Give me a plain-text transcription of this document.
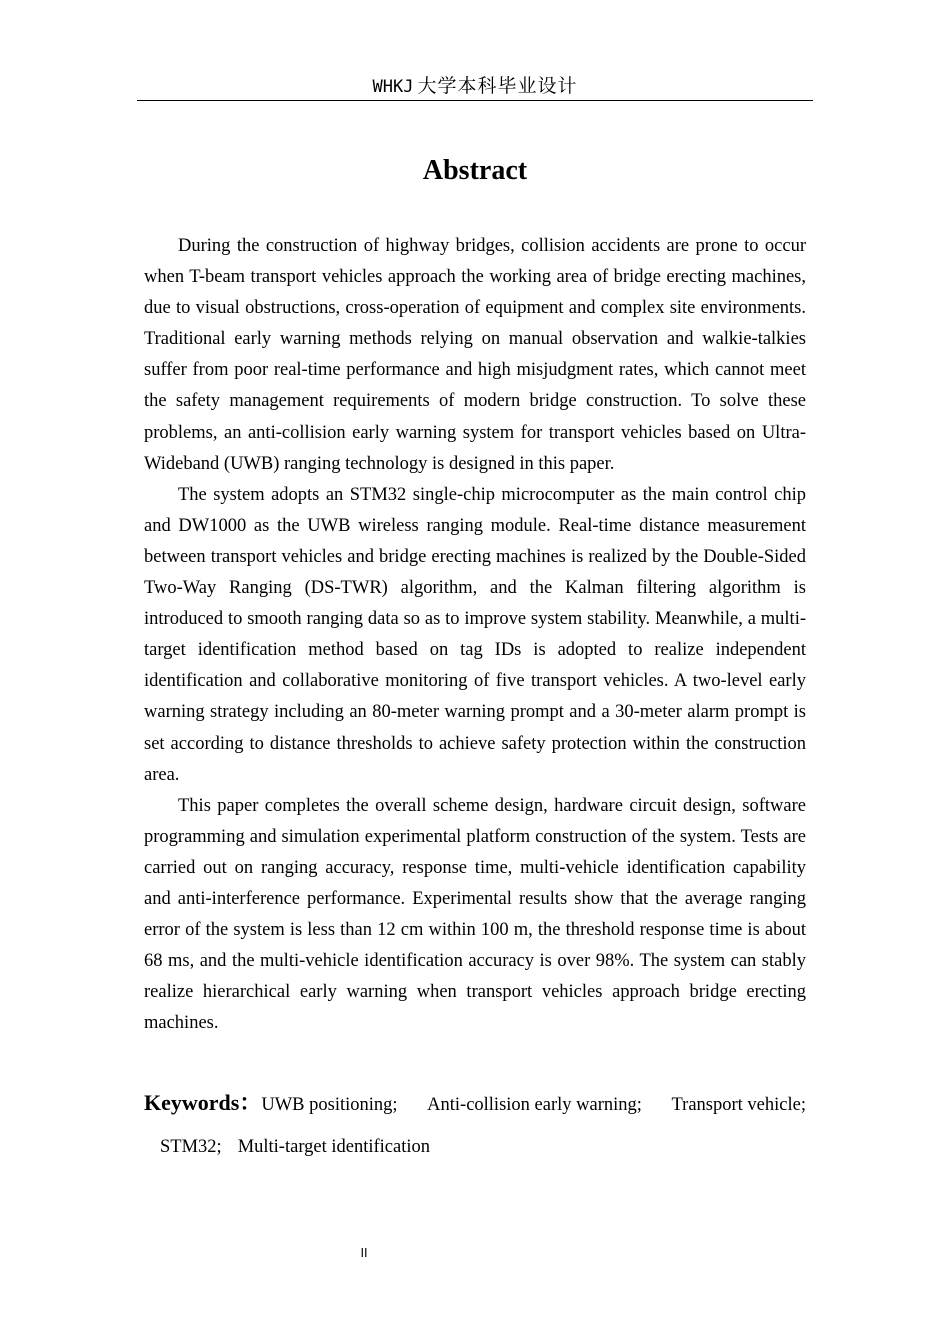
WHKJ 大学本科毕业设计
Abstract

During the construction of highway bridges, collision accidents are prone to occur when T-beam transport vehicles approach the working area of bridge erecting machines, due to visual obstructions, cross-operation of equipment and complex site environments. Traditional early warning methods relying on manual observation and walkie-talkies suffer from poor real-time performance and high misjudgment rates, which cannot meet the safety management requirements of modern bridge construction. To solve these problems, an anti-collision early warning system for transport vehicles based on Ultra-Wideband (UWB) ranging technology is designed in this paper.

The system adopts an STM32 single-chip microcomputer as the main control chip and DW1000 as the UWB wireless ranging module. Real-time distance measurement between transport vehicles and bridge erecting machines is realized by the Double-Sided Two-Way Ranging (DS-TWR) algorithm, and the Kalman filtering algorithm is introduced to smooth ranging data so as to improve system stability. Meanwhile, a multi-target identification method based on tag IDs is adopted to realize independent identification and collaborative monitoring of five transport vehicles. A two-level early warning strategy including an 80-meter warning prompt and a 30-meter alarm prompt is set according to distance thresholds to achieve safety protection within the construction area.

This paper completes the overall scheme design, hardware circuit design, software programming and simulation experimental platform construction of the system. Tests are carried out on ranging accuracy, response time, multi-vehicle identification capability and anti-interference performance. Experimental results show that the average ranging error of the system is less than 12 cm within 100 m, the threshold response time is about 68 ms, and the multi-vehicle identification accuracy is over 98%. The system can stably realize hierarchical early warning when transport vehicles approach bridge erecting machines.

Keywords：UWB positioning; Anti-collision early warning; Transport vehicle;
STM32; Multi-target identification
II
